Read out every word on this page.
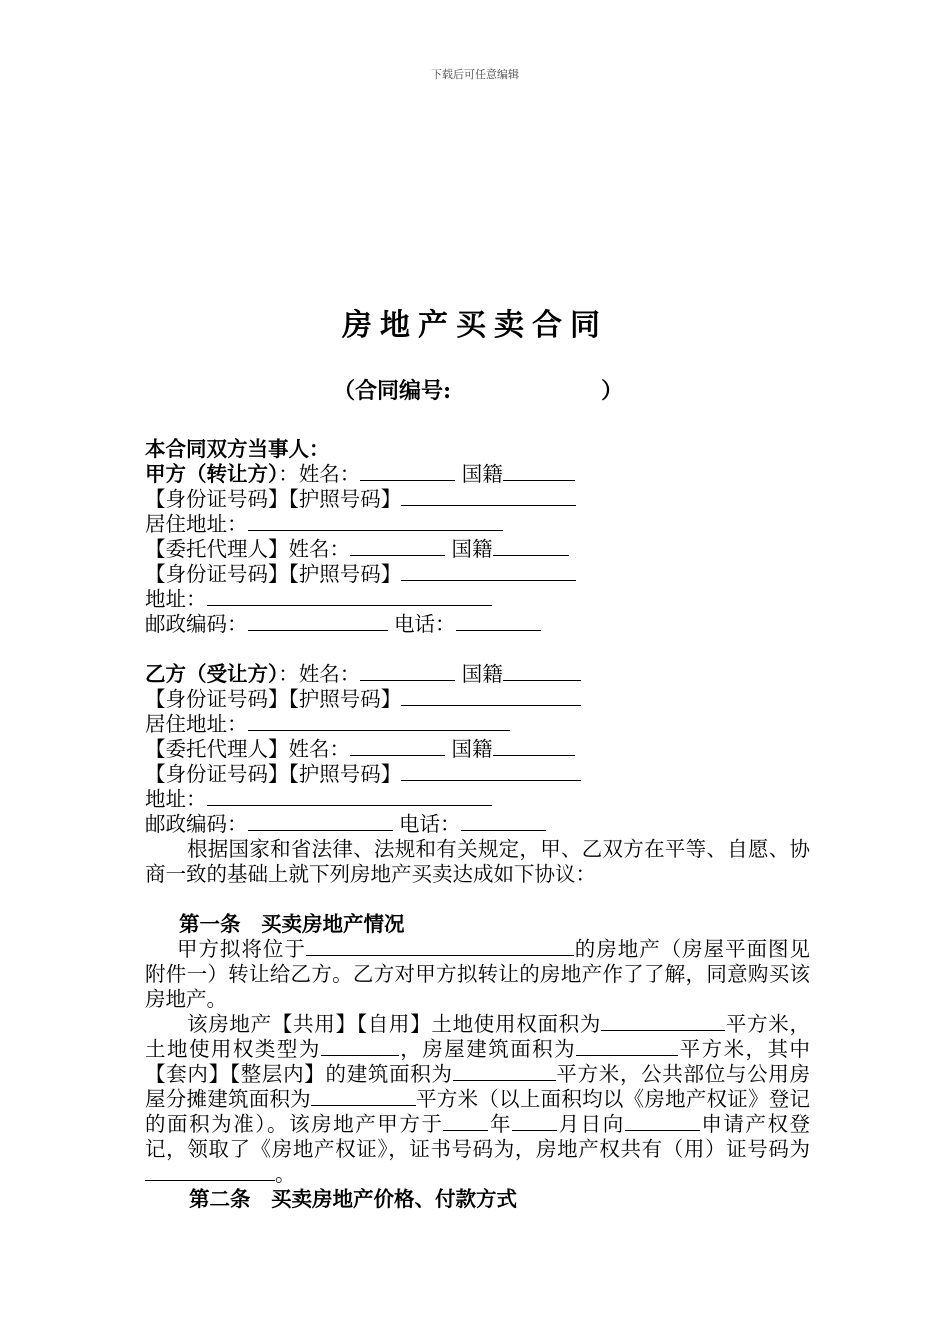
下载后可任意编辑
房地产买卖合同
（合同编号:	）
本合同双方当事人：
甲方（转让方）：姓名：	国籍
【身份证号码】【护照号码】
居住地址：
【委托代理人】姓名：	国籍
【身份证号码】【护照号码】
地址：
邮政编码：	电话：
乙方（受让方）：姓名：	国籍
【身份证号码】【护照号码】
居住地址：
【委托代理人】姓名：	国籍
【身份证号码】【护照号码】
地址：
邮政编码：	电话：
根据国家和省法律、法规和有关规定，甲、乙双方在平等、自愿、协商一致的基础上就下列房地产买卖达成如下协议：
第一条　买卖房地产情况
甲方拟将位于	的房地产（房屋平面图见附件一）转让给乙方。乙方对甲方拟转让的房地产作了了解，同意购买该房地产。
该房地产【共用】【自用】土地使用权面积为	平方米，土地使用权类型为	，房屋建筑面积为	平方米，其中【套内】【整层内】的建筑面积为	平方米，公共部位与公用房屋分摊建筑面积为	平方米（以上面积均以《房地产权证》登记的面积为准）。该房地产甲方于 年 月日向	申请产权登记，领取了《房地产权证》，证书号码为，房地产权共有（用）证号码为。
第二条　买卖房地产价格、付款方式
